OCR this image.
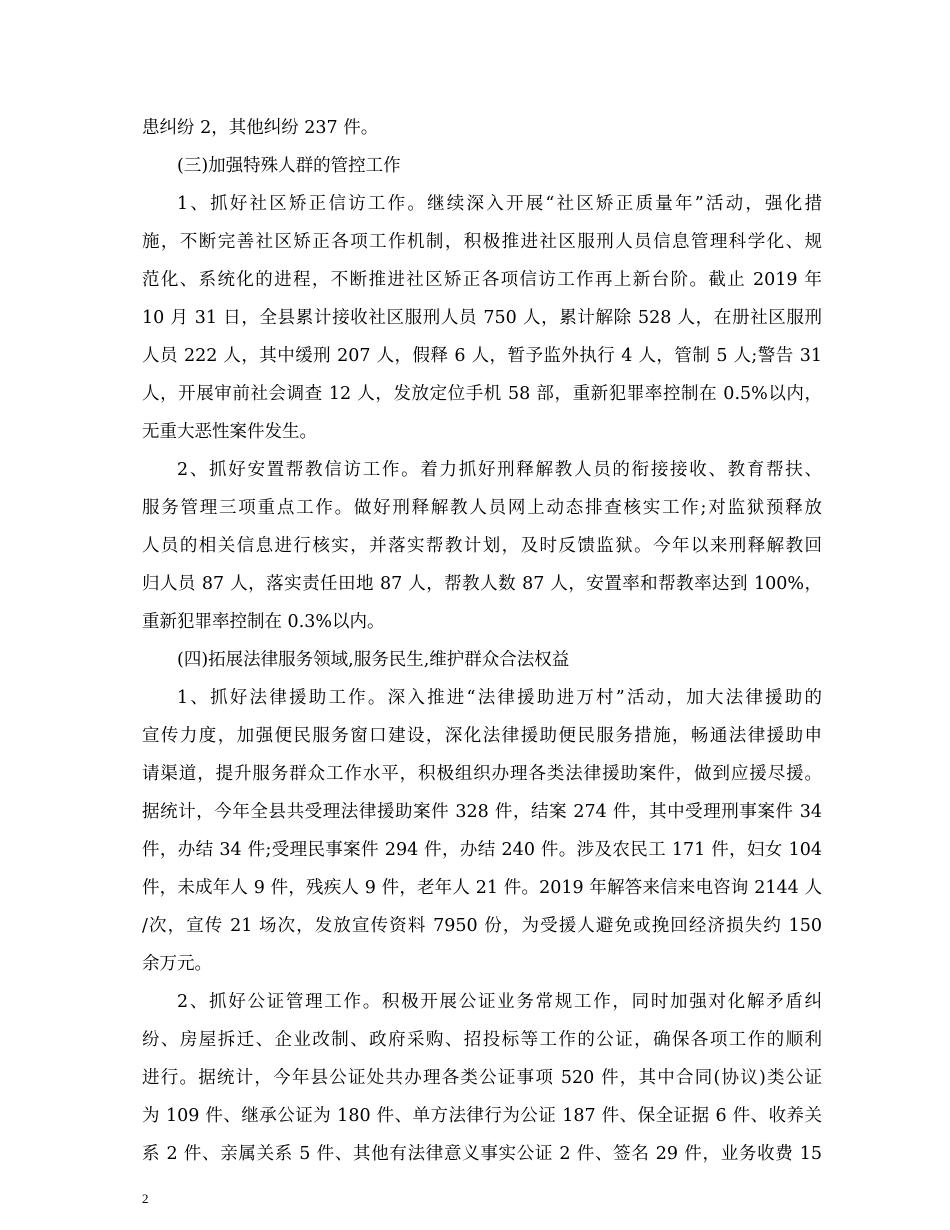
患纠纷 2，其他纠纷 237 件。
(三)加强特殊人群的管控工作
1、抓好社区矫正信访工作。继续深入开展“社区矫正质量年”活动，强化措
施，不断完善社区矫正各项工作机制，积极推进社区服刑人员信息管理科学化、规
范化、系统化的进程，不断推进社区矫正各项信访工作再上新台阶。截止 2019 年
10 月 31 日，全县累计接收社区服刑人员 750 人，累计解除 528 人，在册社区服刑
人员 222 人，其中缓刑 207 人，假释 6 人，暂予监外执行 4 人，管制 5 人;警告 31
人，开展审前社会调查 12 人，发放定位手机 58 部，重新犯罪率控制在 0.5%以内，
无重大恶性案件发生。
2、抓好安置帮教信访工作。着力抓好刑释解教人员的衔接接收、教育帮扶、
服务管理三项重点工作。做好刑释解教人员网上动态排查核实工作;对监狱预释放
人员的相关信息进行核实，并落实帮教计划，及时反馈监狱。今年以来刑释解教回
归人员 87 人，落实责任田地 87 人，帮教人数 87 人，安置率和帮教率达到 100%，
重新犯罪率控制在 0.3%以内。
(四)拓展法律服务领域,服务民生,维护群众合法权益
1、抓好法律援助工作。深入推进“法律援助进万村”活动，加大法律援助的
宣传力度，加强便民服务窗口建设，深化法律援助便民服务措施，畅通法律援助申
请渠道，提升服务群众工作水平，积极组织办理各类法律援助案件，做到应援尽援。
据统计，今年全县共受理法律援助案件 328 件，结案 274 件，其中受理刑事案件 34
件，办结 34 件;受理民事案件 294 件，办结 240 件。涉及农民工 171 件，妇女 104
件，未成年人 9 件，残疾人 9 件，老年人 21 件。2019 年解答来信来电咨询 2144 人
/次，宣传 21 场次，发放宣传资料 7950 份，为受援人避免或挽回经济损失约 150
余万元。
2、抓好公证管理工作。积极开展公证业务常规工作，同时加强对化解矛盾纠
纷、房屋拆迁、企业改制、政府采购、招投标等工作的公证，确保各项工作的顺利
进行。据统计，今年县公证处共办理各类公证事项 520 件，其中合同(协议)类公证
为 109 件、继承公证为 180 件、单方法律行为公证 187 件、保全证据 6 件、收养关
系 2 件、亲属关系 5 件、其他有法律意义事实公证 2 件、签名 29 件，业务收费 15
2
